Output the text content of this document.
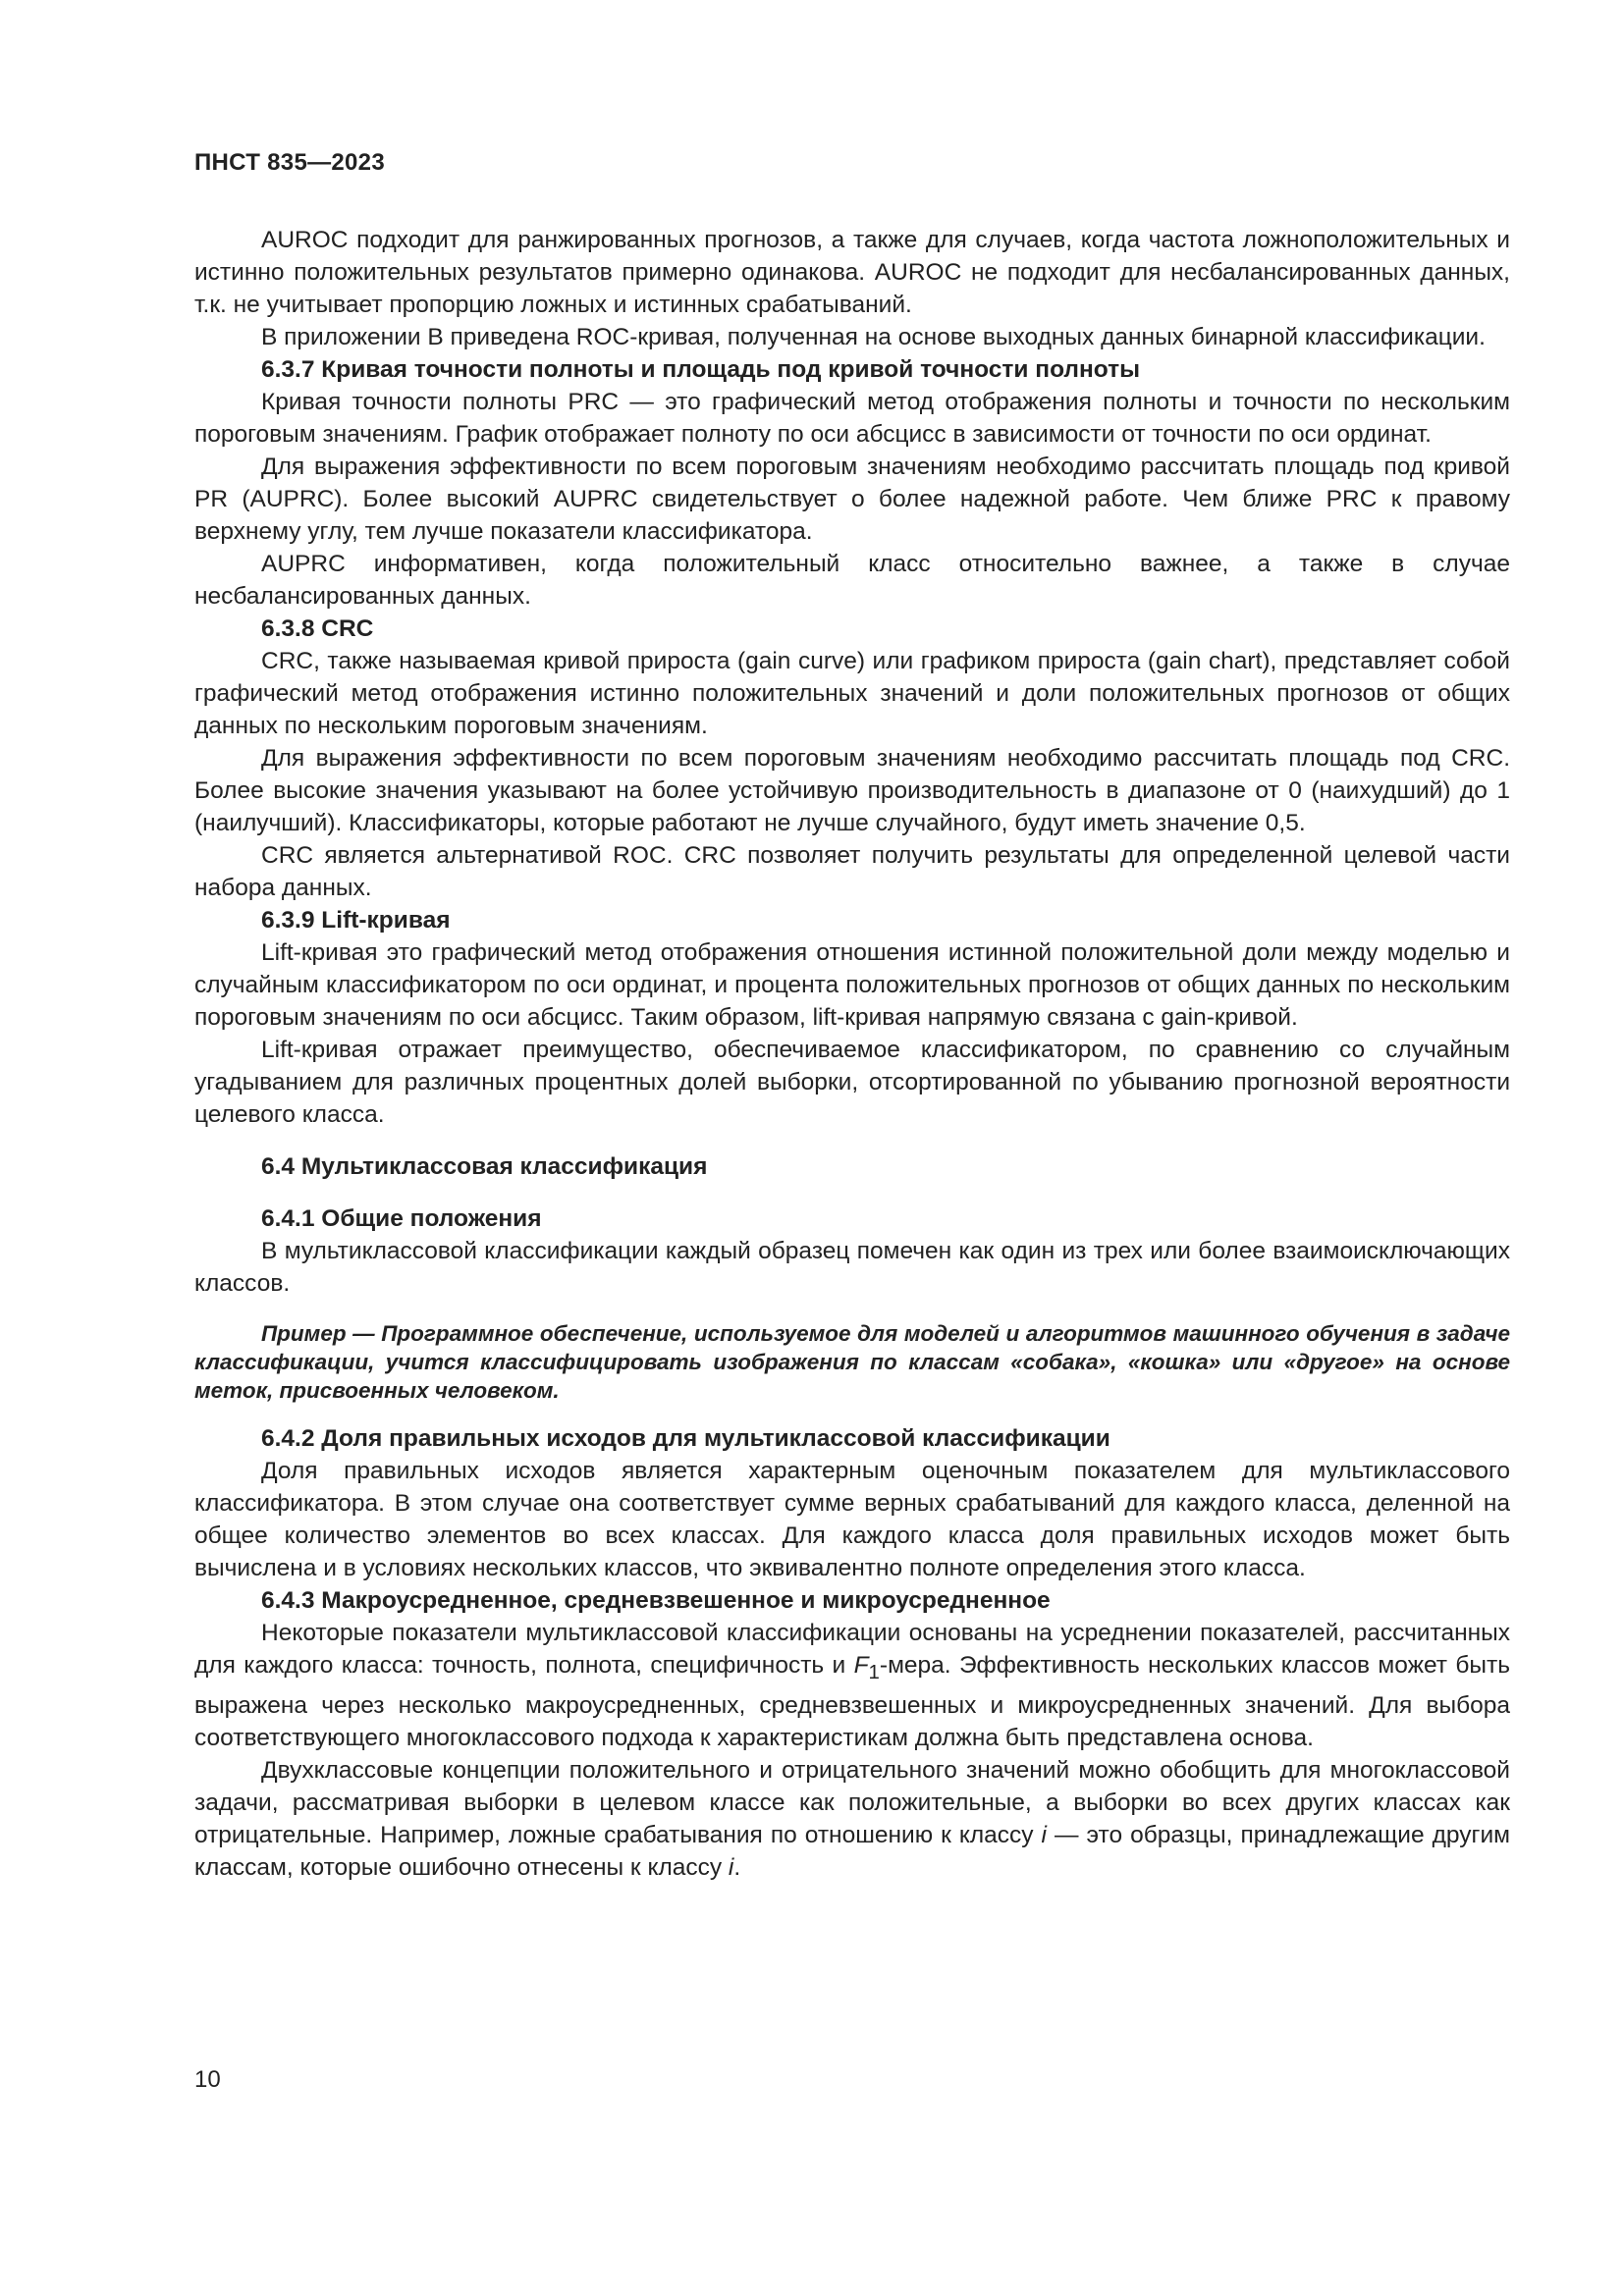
ПНСТ 835—2023

AUROC подходит для ранжированных прогнозов, а также для случаев, когда частота ложноположительных и истинно положительных результатов примерно одинакова. AUROC не подходит для несбалансированных данных, т.к. не учитывает пропорцию ложных и истинных срабатываний.

В приложении В приведена ROC-кривая, полученная на основе выходных данных бинарной классификации.

6.3.7 Кривая точности полноты и площадь под кривой точности полноты

Кривая точности полноты PRC — это графический метод отображения полноты и точности по нескольким пороговым значениям. График отображает полноту по оси абсцисс в зависимости от точности по оси ординат.

Для выражения эффективности по всем пороговым значениям необходимо рассчитать площадь под кривой PR (AUPRC). Более высокий AUPRC свидетельствует о более надежной работе. Чем ближе PRC к правому верхнему углу, тем лучше показатели классификатора.

AUPRC информативен, когда положительный класс относительно важнее, а также в случае несбалансированных данных.

6.3.8 CRC

CRC, также называемая кривой прироста (gain curve) или графиком прироста (gain chart), представляет собой графический метод отображения истинно положительных значений и доли положительных прогнозов от общих данных по нескольким пороговым значениям.

Для выражения эффективности по всем пороговым значениям необходимо рассчитать площадь под CRC. Более высокие значения указывают на более устойчивую производительность в диапазоне от 0 (наихудший) до 1 (наилучший). Классификаторы, которые работают не лучше случайного, будут иметь значение 0,5.

CRC является альтернативой ROC. CRC позволяет получить результаты для определенной целевой части набора данных.

6.3.9 Lift-кривая

Lift-кривая это графический метод отображения отношения истинной положительной доли между моделью и случайным классификатором по оси ординат, и процента положительных прогнозов от общих данных по нескольким пороговым значениям по оси абсцисс. Таким образом, lift-кривая напрямую связана с gain-кривой.

Lift-кривая отражает преимущество, обеспечиваемое классификатором, по сравнению со случайным угадыванием для различных процентных долей выборки, отсортированной по убыванию прогнозной вероятности целевого класса.

6.4 Мультиклассовая классификация
6.4.1 Общие положения

В мультиклассовой классификации каждый образец помечен как один из трех или более взаимоисключающих классов.

Пример — Программное обеспечение, используемое для моделей и алгоритмов машинного обучения в задаче классификации, учится классифицировать изображения по классам «собака», «кошка» или «другое» на основе меток, присвоенных человеком.

6.4.2 Доля правильных исходов для мультиклассовой классификации

Доля правильных исходов является характерным оценочным показателем для мультиклассового классификатора. В этом случае она соответствует сумме верных срабатываний для каждого класса, деленной на общее количество элементов во всех классах. Для каждого класса доля правильных исходов может быть вычислена и в условиях нескольких классов, что эквивалентно полноте определения этого класса.

6.4.3 Макроусредненное, средневзвешенное и микроусредненное

Некоторые показатели мультиклассовой классификации основаны на усреднении показателей, рассчитанных для каждого класса: точность, полнота, специфичность и $F_1$-мера. Эффективность нескольких классов может быть выражена через несколько макроусредненных, средневзвешенных и микроусредненных значений. Для выбора соответствующего многоклассового подхода к характеристикам должна быть представлена основа.

Двухклассовые концепции положительного и отрицательного значений можно обобщить для многоклассовой задачи, рассматривая выборки в целевом классе как положительные, а выборки во всех других классах как отрицательные. Например, ложные срабатывания по отношению к классу i — это образцы, принадлежащие другим классам, которые ошибочно отнесены к классу i.

10
